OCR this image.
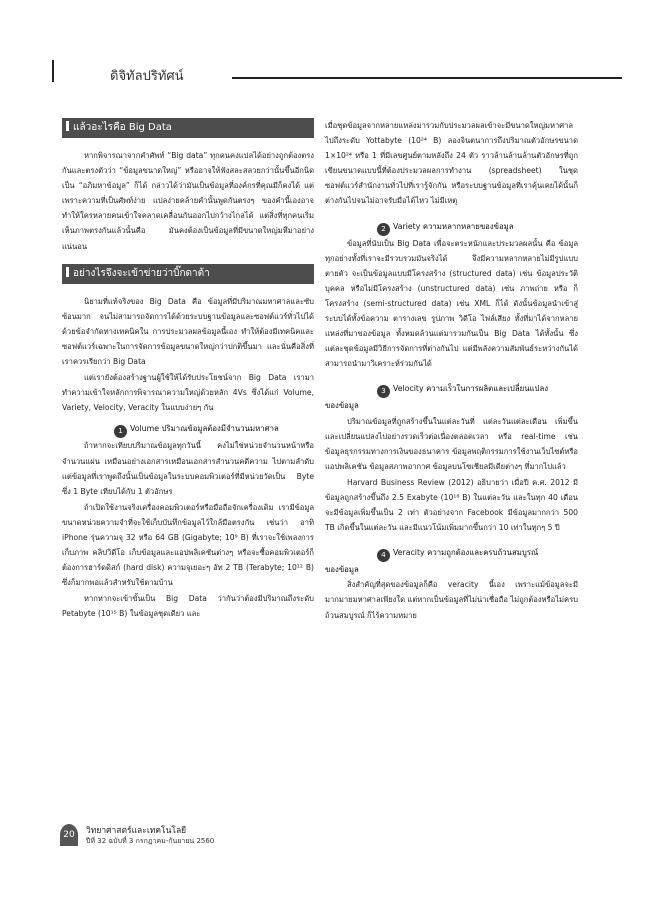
ดิจิทัลปริทัศน์
แล้วอะไรคือ Big Data
หากพิจารณาจากคำศัพท์ “Big data” ทุกคนคงแปลได้อย่างถูกต้องตรงกันและตรงตัวว่า “ข้อมูลขนาดใหญ่” หรืออาจให้ฟังสละสลวยกว่านั้นขึ้นอีกนิดเป็น “อภิมหาข้อมูล” ก็ได้ กล่าวได้ว่ามันเป็นข้อมูลที่องค์กรที่คุณมีก็คงได้ แต่เพราะความที่เป็นศัพท์ง่าย แปลง่ายคล้ายคำนั้นพูดกันตรงๆ ของคำนี้เองอาจทำให้ใครหลายคนเข้าใจคลาดเคลื่อนกันออกไปกว้างไกลได้ แต่สิ่งที่ทุกคนเริ่มเห็นภาพตรงกันแล้วนั้นคือ มันคงต้องเป็นข้อมูลที่มีขนาดใหญ่มหึมาอย่างแน่นอน
อย่างไรจึงจะเข้าข่ายว่าบิ๊กดาต้า
นิยามที่แท้จริงของ Big Data คือ ข้อมูลที่มีปริมาณมหาศาลและซับซ้อนมาก จนไม่สามารถจัดการได้ด้วยระบบฐานข้อมูลและซอฟต์แวร์ทั่วไปได้ ด้วยข้อจำกัดทางเทคนิคใน การประมวลผลข้อมูลนี้เอง ทำให้ต้องมีเทคนิคและซอฟต์แวร์เฉพาะในการจัดการข้อมูลขนาดใหญ่กว่าปกติขึ้นมา และนั่นคือสิ่งที่เราควรเรียกว่า Big Data
แต่เรายังต้องสร้างฐานผู้ใช้ให้ได้รับประโยชน์จาก Big Data เรามาทำความเข้าใจหลักการพิจารณาความใหญ่ด้วยหลัก 4Vs ซึ่งได้แก่ Volume, Variety, Velocity, Veracity ในแบบง่ายๆ กัน
1 Volume ปริมาณข้อมูลต้องมีจำนวนมหาศาล
ถ้าหากจะเทียบปริมาณข้อมูลทุกวันนี้ คงไม่ใช่หน่วยจำนวนหน้าหรือจำนวนแผ่น เหมือนอย่างเอกสารเหมือนเอกสารสำนวนคดีความ ไปตามลำดับ แต่ข้อมูลที่เราพูดถึงนั้นเป็นข้อมูลในระบบคอมพิวเตอร์ที่มีหน่วยวัดเป็น Byte ซึ่ง 1 Byte เทียบได้กับ 1 ตัวอักษร
ถ้าเปิดใช้งานจริงเครื่องคอมพิวเตอร์หรือมือถือจักเครื่องเดิม เรามีข้อมูลขนาดหน่วยความจำที่จะใช้เก็บบันทึกข้อมูลไว้ใกล้มือตรงกัน เช่นว่า อาทิ iPhone รุ่นความจุ 32 หรือ 64 GB (Gigabyte; 10⁹ B) ที่เราจะใช้เพลงการเก็บภาพ คลิปวิดีโอ เก็บข้อมูลและแอปพลิเคชันต่างๆ หรือจะซื้อคอมพิวเตอร์ก็ต้องการฮาร์ดดิสก์ (hard disk) ความจุเยอะๆ อัท 2 TB (Terabyte; 10¹² B) ซึ่งก็มากพอแล้วสำหรับใช้ตามบ้าน
หากหากจะเข้าขั้นเป็น Big Data ว่ากันว่าต้องมีปริมาณถึงระดับ Petabyte (10¹⁵ B) ในข้อมูลชุดเดียว และ
เมื่อชุดข้อมูลจากหลายแหล่งมารวมกับประมวลผลเข้าจะมีขนาดใหญ่มหาศาลไปถึงระดับ Yottabyte (10²⁴ B) ลองจินตนาการถึงปริมาณตัวอักษรขนาด 1×10²⁴ หรือ 1 ที่มีเลขศูนย์ตามหลังถึง 24 ตัว ราวล้านล้านล้านตัวอักษรที่ถูกเขียนขนาดแบบนี้ที่ต้องประมวลผลการทำงาน (spreadsheet) ในชุดซอฟต์แวร์สำนักงานทั่วไปที่เรารู้จักกัน หรือระบบฐานข้อมูลที่เราคุ้นเคยได้นั้นก็ต่างกันไปจนไม่อาจรับมือได้ไหว ไม่มีเหตุ
2 Variety ความหลากหลายของข้อมูล
ข้อมูลที่นับเป็น Big Data เพื่อจะตระหนักและประมวลผลนั้น คือ ข้อมูลทุกอย่างทั้งที่เราจะมีรวบรวมมันจริงได้ จึงมีความหลากหลายไม่มีรูปแบบตายตัว จะเป็นข้อมูลแบบมีโครงสร้าง (structured data) เช่น ข้อมูลประวัติบุคคล หรือไม่มีโครงสร้าง (unstructured data) เช่น ภาพถ่าย หรือ ก็โครงสร้าง (semi-structured data) เช่น XML ก็ได้ ดังนั้นข้อมูลนำเข้าสู่ระบบได้ทั้งข้อความ ตารางเลข รูปภาพ วิดีโอ ไฟล์เสียง ทั้งที่มาได้จากหลายแหล่งที่มาของข้อมูล ทั้งหมดล้วนแต่มารวมกันเป็น Big Data ได้ทั้งนั้น ซึ่งแต่ละชุดข้อมูลมีวิธีการจัดการที่ต่างกันไป แต่มีพลังความสัมพันธ์ระหว่างกันได้สามารถนำมาวิเคราะห์ร่วมกันได้
3 Velocity ความเร็วในการผลิตและเปลี่ยนแปลง
ของข้อมูล
ปริมาณข้อมูลที่ถูกสร้างขึ้นในแต่ละวันที่ แต่ละวันแต่ละเดือน เพิ่มขึ้นและเปลี่ยนแปลงไปอย่างรวดเร็วต่อเนื่องตลอดเวลา หรือ real-time เช่น ข้อมูลธุรกรรมทางการเงินของธนาคาร ข้อมูลพฤติกรรมการใช้งานเว็บไซต์หรือแอปพลิเคชัน ข้อมูลสภาพอากาศ ข้อมูลบนโซเชียลมีเดียต่างๆ ที่มากไปแล้ว
Harvard Business Review (2012) อธิบายว่า เมื่อปี ค.ศ. 2012 มีข้อมูลถูกสร้างขึ้นถึง 2.5 Exabyte (10¹⁸ B) ในแต่ละวัน และในทุก 40 เดือนจะมีข้อมูลเพิ่มขึ้นเป็น 2 เท่า ตัวอย่างจาก Facebook มีข้อมูลมากกว่า 500 TB เกิดขึ้นในแต่ละวัน และมีแนวโน้มเพิ่มมากขึ้นกว่า 10 เท่าในทุกๆ 5 ปี
4 Veracity ความถูกต้องและครบถ้วนสมบูรณ์
ของข้อมูล
สิ่งสำคัญที่สุดของข้อมูลก็คือ veracity นี้เอง เพราะแม้ข้อมูลจะมีมากมายมหาศาลเพียงใด แต่หากเป็นข้อมูลที่ไม่น่าเชื่อถือ ไม่ถูกต้องหรือไม่ครบถ้วนสมบูรณ์ ก็ไร้ความหมาย
20	วิทยาศาสตร์และเทคโนโลยี
ปีที่ 32 ฉบับที่ 3 กรกฎาคม-กันยายน 2560
